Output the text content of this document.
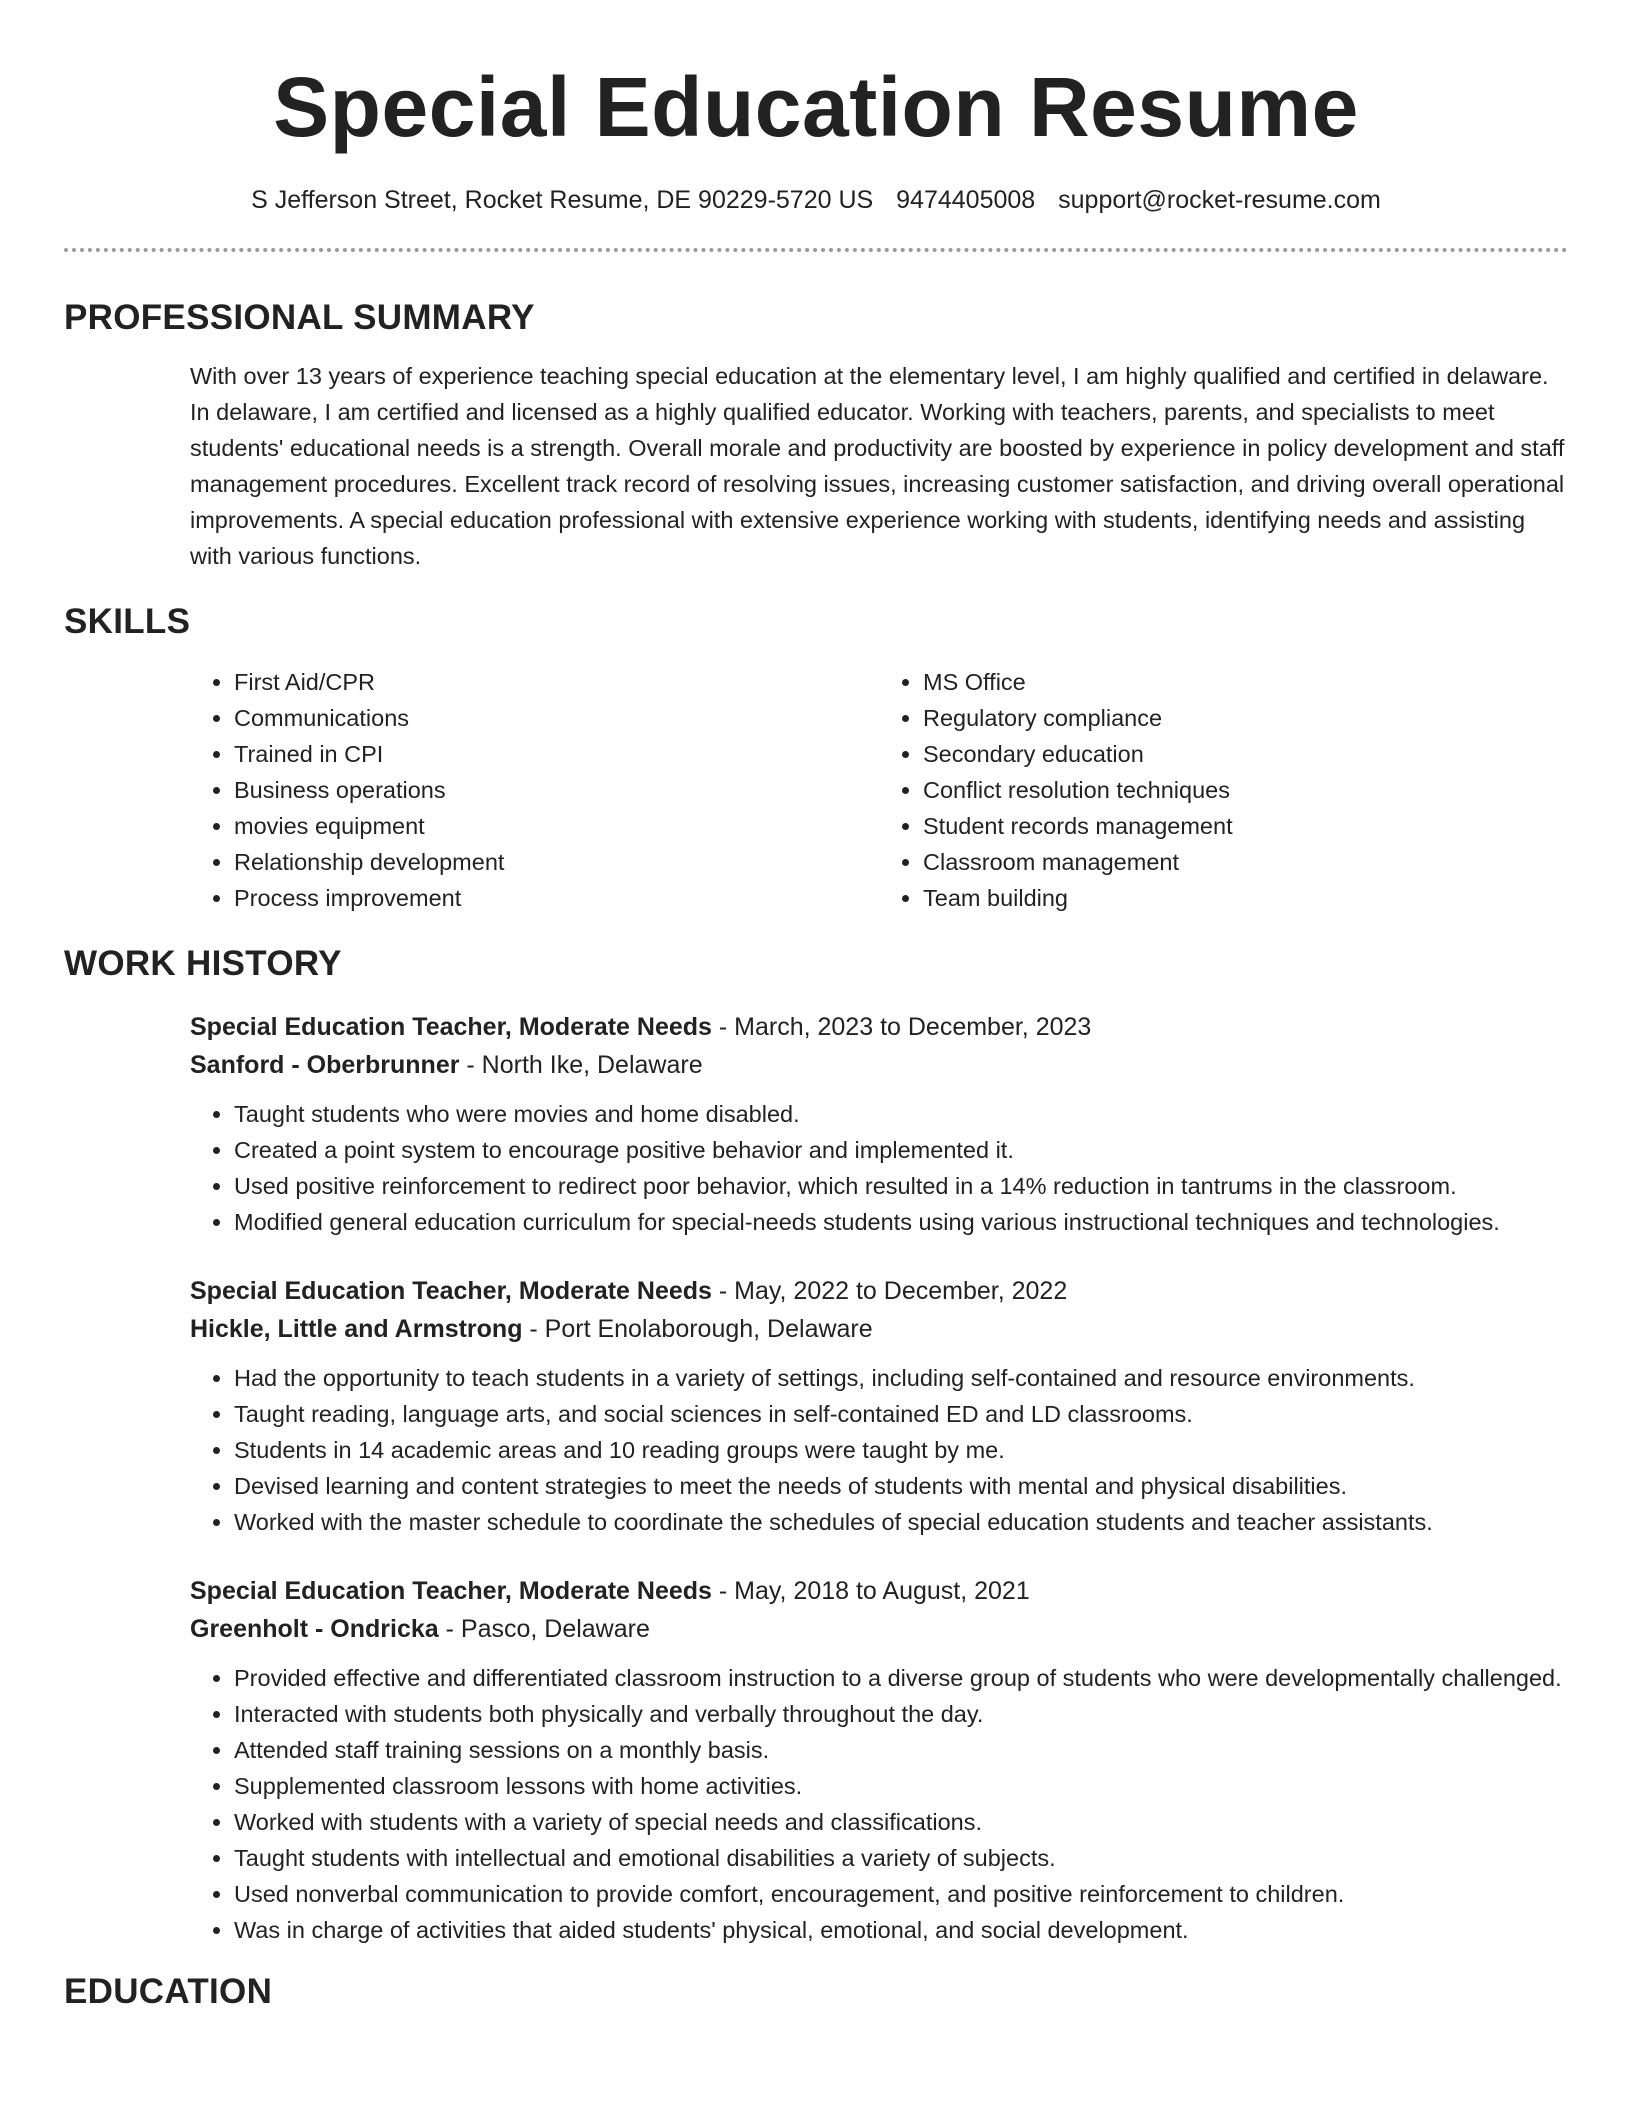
Special Education Resume
S Jefferson Street, Rocket Resume, DE 90229-5720 US 9474405008 support@rocket-resume.com
PROFESSIONAL SUMMARY

With over 13 years of experience teaching special education at the elementary level, I am highly qualified and certified in delaware. In delaware, I am certified and licensed as a highly qualified educator. Working with teachers, parents, and specialists to meet students' educational needs is a strength. Overall morale and productivity are boosted by experience in policy development and staff management procedures. Excellent track record of resolving issues, increasing customer satisfaction, and driving overall operational improvements. A special education professional with extensive experience working with students, identifying needs and assisting with various functions.

SKILLS
• First Aid/CPR
• Communications
• Trained in CPI
• Business operations
• movies equipment
• Relationship development
• Process improvement
• MS Office
• Regulatory compliance
• Secondary education
• Conflict resolution techniques
• Student records management
• Classroom management
• Team building
WORK HISTORY
Special Education Teacher, Moderate Needs - March, 2023 to December, 2023
Sanford - Oberbrunner - North Ike, Delaware
• Taught students who were movies and home disabled.
• Created a point system to encourage positive behavior and implemented it.
• Used positive reinforcement to redirect poor behavior, which resulted in a 14% reduction in tantrums in the classroom.
• Modified general education curriculum for special-needs students using various instructional techniques and technologies.
Special Education Teacher, Moderate Needs - May, 2022 to December, 2022
Hickle, Little and Armstrong - Port Enolaborough, Delaware
• Had the opportunity to teach students in a variety of settings, including self-contained and resource environments.
• Taught reading, language arts, and social sciences in self-contained ED and LD classrooms.
• Students in 14 academic areas and 10 reading groups were taught by me.
• Devised learning and content strategies to meet the needs of students with mental and physical disabilities.
• Worked with the master schedule to coordinate the schedules of special education students and teacher assistants.
Special Education Teacher, Moderate Needs - May, 2018 to August, 2021
Greenholt - Ondricka - Pasco, Delaware
• Provided effective and differentiated classroom instruction to a diverse group of students who were developmentally challenged.
• Interacted with students both physically and verbally throughout the day.
• Attended staff training sessions on a monthly basis.
• Supplemented classroom lessons with home activities.
• Worked with students with a variety of special needs and classifications.
• Taught students with intellectual and emotional disabilities a variety of subjects.
• Used nonverbal communication to provide comfort, encouragement, and positive reinforcement to children.
• Was in charge of activities that aided students' physical, emotional, and social development.
EDUCATION
